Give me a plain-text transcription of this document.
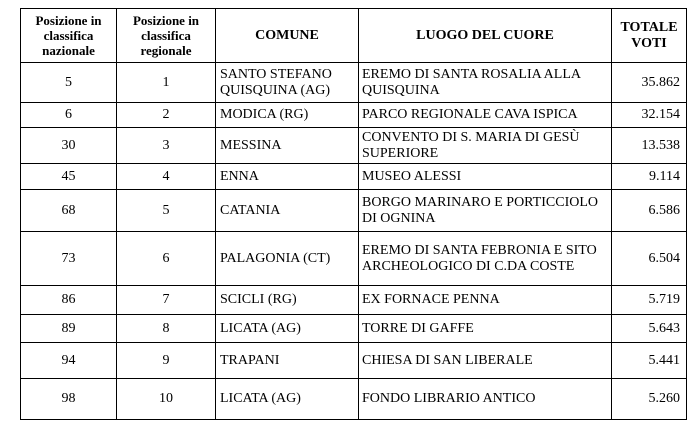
Posizione in classifica nazionale	Posizione in classifica regionale	COMUNE	LUOGO DEL CUORE	TOTALE VOTI
5	1	SANTO STEFANO QUISQUINA (AG)	EREMO DI SANTA ROSALIA ALLA QUISQUINA	35.862
6	2	MODICA (RG)	PARCO REGIONALE CAVA ISPICA	32.154
30	3	MESSINA	CONVENTO DI S. MARIA DI GESÙ SUPERIORE	13.538
45	4	ENNA	MUSEO ALESSI	9.114
68	5	CATANIA	BORGO MARINARO E PORTICCIOLO DI OGNINA	6.586
73	6	PALAGONIA (CT)	EREMO DI SANTA FEBRONIA E SITO ARCHEOLOGICO DI C.DA COSTE	6.504
86	7	SCICLI (RG)	EX FORNACE PENNA	5.719
89	8	LICATA (AG)	TORRE DI GAFFE	5.643
94	9	TRAPANI	CHIESA DI SAN LIBERALE	5.441
98	10	LICATA (AG)	FONDO LIBRARIO ANTICO	5.260
